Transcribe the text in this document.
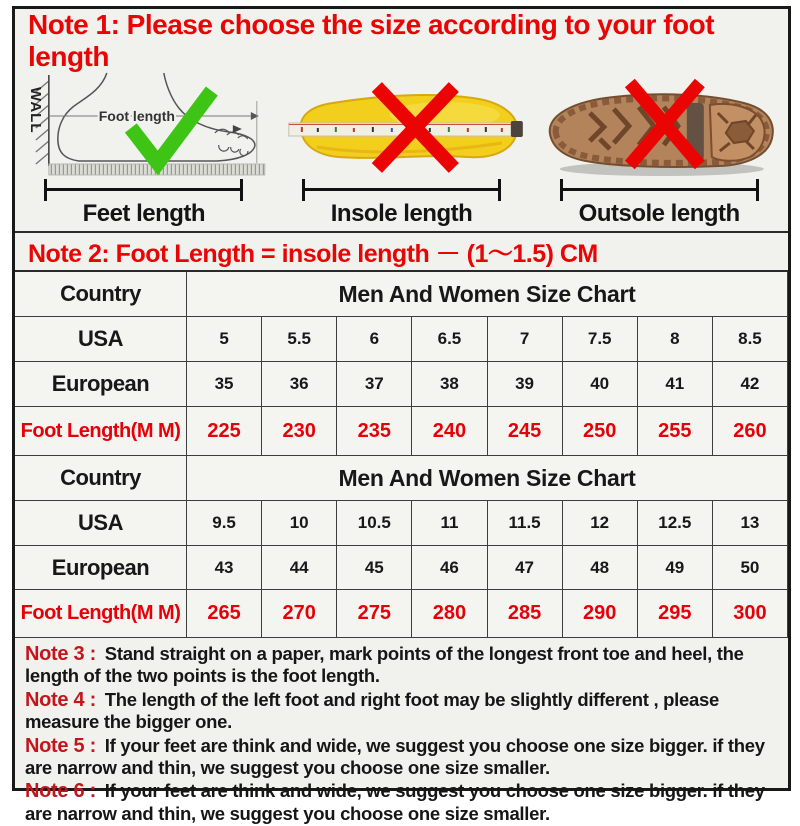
Note 1: Please choose the size according to your foot length
WALL	Foot length
Feet length	Insole length	Outsole length
Note 2: Foot Length = insole length － (1～1.5) CM
Country	Men And Women Size Chart
USA	5	5.5	6	6.5	7	7.5	8	8.5
European	35	36	37	38	39	40	41	42
Foot Length(M M)	225	230	235	240	245	250	255	260
Country	Men And Women Size Chart
USA	9.5	10	10.5	11	11.5	12	12.5	13
European	43	44	45	46	47	48	49	50
Foot Length(M M)	265	270	275	280	285	290	295	300

Note 3 : Stand straight on a paper, mark points of the longest front toe and heel, the length of the two points is the foot length.

Note 4 : The length of the left foot and right foot may be slightly different , please measure the bigger one.

Note 5 : If your feet are think and wide, we suggest you choose one size bigger. if they are narrow and thin, we suggest you choose one size smaller.

Note 6 : If your feet are think and wide, we suggest you choose one size bigger. if they are narrow and thin, we suggest you choose one size smaller.
